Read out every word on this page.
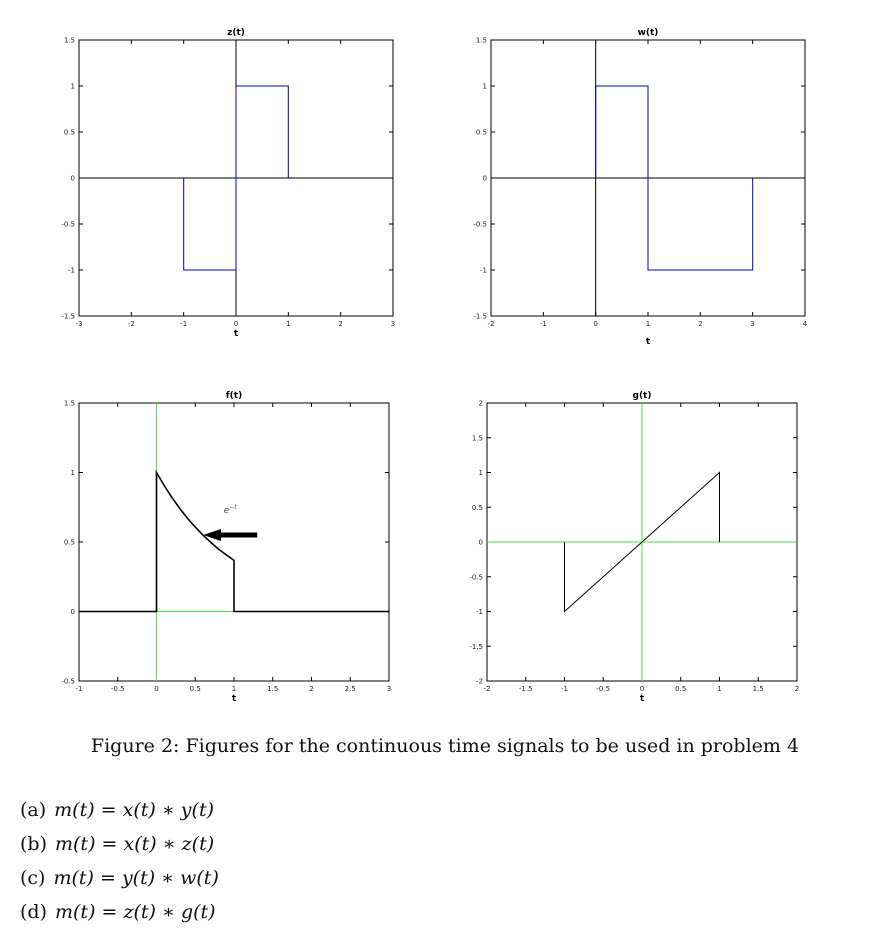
-3	-2	-1	0	1	2	3
-1.5
-1
-0.5
0
0.5
1
1.5
z(t)
t
-2	-1	0	1	2	3	4
-1.5
-1
-0.5
0
0.5
1
1.5
w(t)
t
-1	-0.5	0	0.5	1	1.5	2	2.5	3
-0.5
0
0.5
1
1.5
f(t)
t
$e^{-t}$
-2	-1.5	-1	-0.5	0	0.5	1	1.5	2
-2
-1.5
-1
-0.5
0
0.5
1
1.5
2
g(t)
t
Figure 2: Figures for the continuous time signals to be used in problem 4
(a) m(t) = x(t) ∗ y(t)
(b) m(t) = x(t) ∗ z(t)
(c) m(t) = y(t) ∗ w(t)
(d) m(t) = z(t) ∗ g(t)
